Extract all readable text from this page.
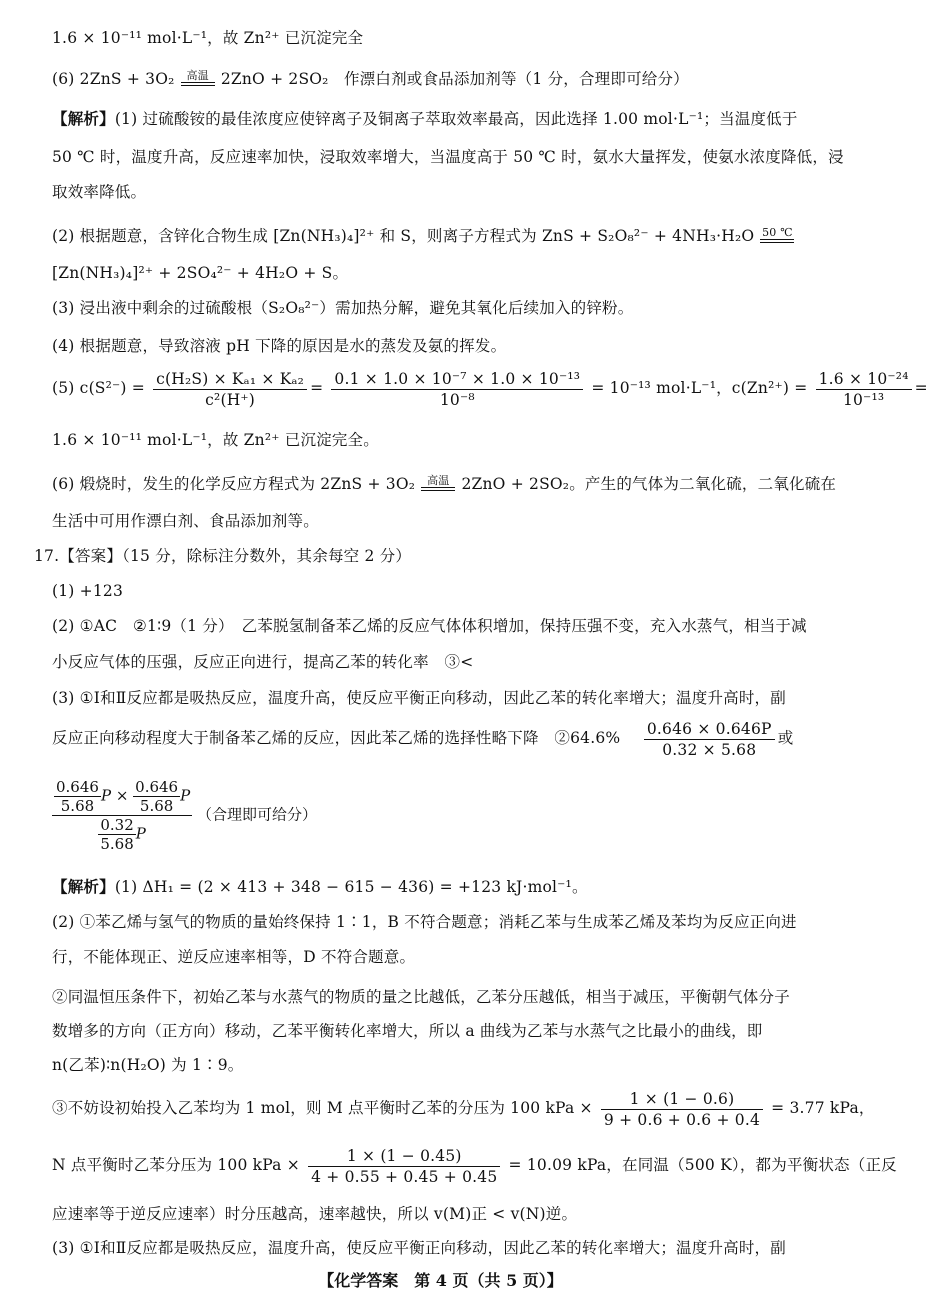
1.6 × 10⁻¹¹ mol·L⁻¹，故 Zn²⁺ 已沉淀完全
(6) 2ZnS + 3O₂	高温 2ZnO + 2SO₂ 作漂白剂或食品添加剂等（1 分，合理即可给分）
【解析】(1) 过硫酸铵的最佳浓度应使锌离子及铜离子萃取效率最高，因此选择 1.00 mol·L⁻¹；当温度低于
50 ℃ 时，温度升高，反应速率加快，浸取效率增大，当温度高于 50 ℃ 时，氨水大量挥发，使氨水浓度降低，浸
取效率降低。
(2) 根据题意，含锌化合物生成 [Zn(NH₃)₄]²⁺ 和 S，则离子方程式为 ZnS + S₂O₈²⁻ + 4NH₃·H₂O 50 ℃
[Zn(NH₃)₄]²⁺ + 2SO₄²⁻ + 4H₂O + S。
(3) 浸出液中剩余的过硫酸根（S₂O₈²⁻）需加热分解，避免其氧化后续加入的锌粉。
(4) 根据题意，导致溶液 pH 下降的原因是水的蒸发及氨的挥发。
(5) $c(S^{2-}) = \frac{\text{c(H₂S) × Kₐ₁ × Kₐ₂}}{\text{c²(H⁺)}} = \frac{\text{0.1 × 1.0 × 10⁻⁷ × 1.0 × 10⁻¹³}}{\text{10⁻⁸}} = 10^{-13}$ mol·L⁻¹，$c(Zn^{2+}) = \frac{\text{1.6 × 10⁻²⁴}}{\text{10⁻¹³}}$ =
1.6 × 10⁻¹¹ mol·L⁻¹，故 Zn²⁺ 已沉淀完全。
(6) 煅烧时，发生的化学反应方程式为 2ZnS + 3O₂	高温 2ZnO + 2SO₂。产生的气体为二氧化硫，二氧化硫在
生活中可用作漂白剂、食品添加剂等。
17.【答案】（15 分，除标注分数外，其余每空 2 分）
(1) +123
(2) ①AC　②1∶9（1 分）　乙苯脱氢制备苯乙烯的反应气体体积增加，保持压强不变，充入水蒸气，相当于减
小反应气体的压强，反应正向进行，提高乙苯的转化率　③<
(3) ①Ⅰ和Ⅱ反应都是吸热反应，温度升高，使反应平衡正向移动，因此乙苯的转化率增大；温度升高时，副
反应正向移动程度大于制备苯乙烯的反应，因此苯乙烯的选择性略下降　②64.6% $\frac{0.646 \times 0.646P}{0.32 \times 5.68}$ 或
$\frac{\frac{0.646}{5.68} P \times \frac{0.646}{5.68} P}{\frac{0.32}{5.68} P}$ （合理即可给分）
【解析】(1) ΔH₁ = (2 × 413 + 348 − 615 − 436) = +123 kJ·mol⁻¹。
(2) ①苯乙烯与氢气的物质的量始终保持 1∶1，B 不符合题意；消耗乙苯与生成苯乙烯及苯均为反应正向进
行，不能体现正、逆反应速率相等，D 不符合题意。
②同温恒压条件下，初始乙苯与水蒸气的物质的量之比越低，乙苯分压越低，相当于减压，平衡朝气体分子
数增多的方向（正方向）移动，乙苯平衡转化率增大，所以 a 曲线为乙苯与水蒸气之比最小的曲线，即
n(乙苯)∶n(H₂O) 为 1∶9。
③不妨设初始投入乙苯均为 1 mol，则 M 点平衡时乙苯的分压为 100 kPa × $\frac{1 \times (1 - 0.6)}{9 + 0.6 + 0.6 + 0.4} = 3.77$ kPa，
N 点平衡时乙苯分压为 100 kPa × $\frac{1 \times (1 - 0.45)}{4 + 0.55 + 0.45 + 0.45} = 10.09$ kPa，在同温（500 K），都为平衡状态（正反
应速率等于逆反应速率）时分压越高，速率越快，所以 v(M)正 < v(N)逆。
(3) ①Ⅰ和Ⅱ反应都是吸热反应，温度升高，使反应平衡正向移动，因此乙苯的转化率增大；温度升高时，副
【化学答案　第 4 页（共 5 页）】
